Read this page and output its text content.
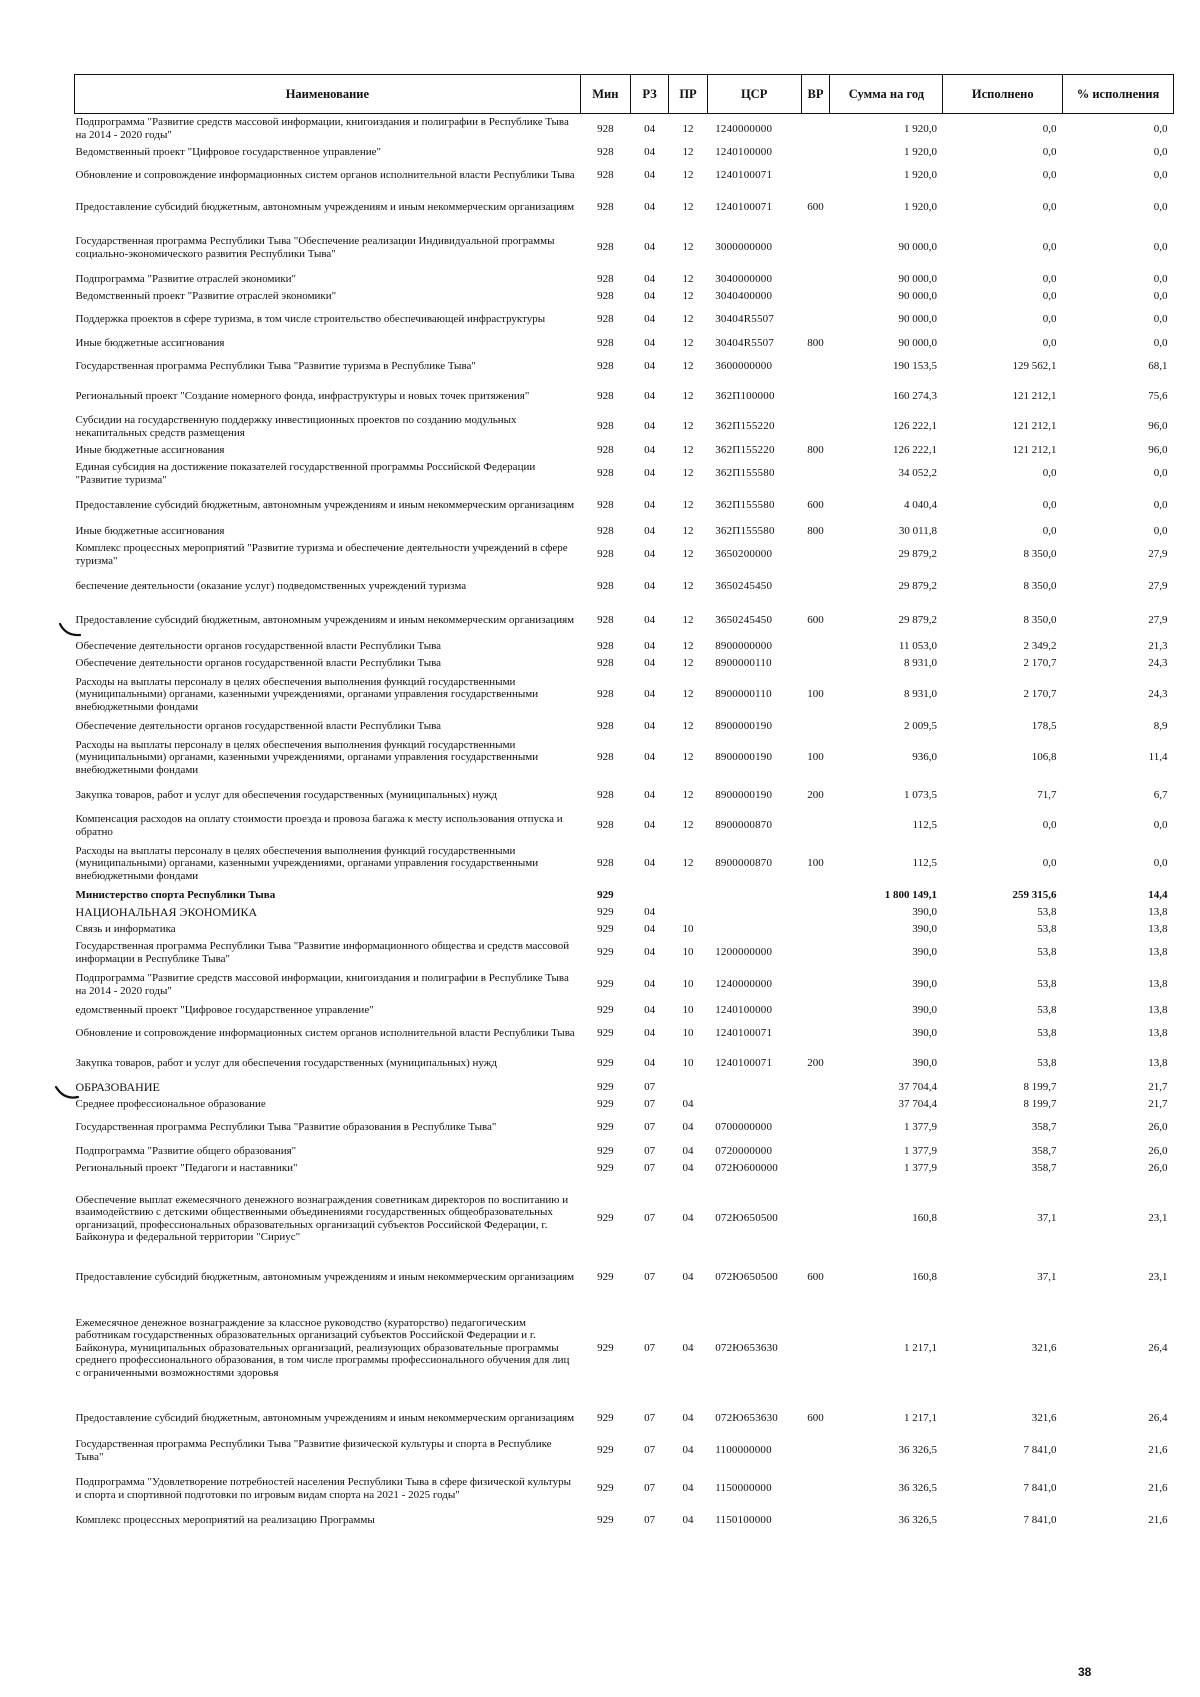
Наименование	Мин	РЗ	ПР	ЦСР	ВР	Сумма на год	Исполнено	% исполнения
Подпрограмма "Развитие средств массовой информации, книгоиздания и полиграфии в Республике Тыва на 2014 - 2020 годы"	928	04	12	1240000000		1 920,0	0,0	0,0
Ведомственный проект "Цифровое государственное управление"	928	04	12	1240100000		1 920,0	0,0	0,0
Обновление и сопровождение информационных систем органов исполнительной власти Республики Тыва	928	04	12	1240100071		1 920,0	0,0	0,0
Предоставление субсидий бюджетным, автономным учреждениям и иным некоммерческим организациям	928	04	12	1240100071	600	1 920,0	0,0	0,0
Государственная программа Республики Тыва "Обеспечение реализации Индивидуальной программы социально-экономического развития Республики Тыва"	928	04	12	3000000000		90 000,0	0,0	0,0
Подпрограмма "Развитие отраслей экономики"	928	04	12	3040000000		90 000,0	0,0	0,0
Ведомственный проект "Развитие отраслей экономики"	928	04	12	3040400000		90 000,0	0,0	0,0
Поддержка проектов в сфере туризма, в том числе строительство обеспечивающей инфраструктуры	928	04	12	30404R5507		90 000,0	0,0	0,0
Иные бюджетные ассигнования	928	04	12	30404R5507	800	90 000,0	0,0	0,0
Государственная программа Республики Тыва "Развитие туризма в Республике Тыва"	928	04	12	3600000000		190 153,5	129 562,1	68,1
Региональный проект "Создание номерного фонда, инфраструктуры и новых точек притяжения"	928	04	12	362П100000		160 274,3	121 212,1	75,6
Субсидии на государственную поддержку инвестиционных проектов по созданию модульных некапитальных средств размещения	928	04	12	362П155220		126 222,1	121 212,1	96,0
Иные бюджетные ассигнования	928	04	12	362П155220	800	126 222,1	121 212,1	96,0
Единая субсидия на достижение показателей государственной программы Российской Федерации "Развитие туризма"	928	04	12	362П155580		34 052,2	0,0	0,0
Предоставление субсидий бюджетным, автономным учреждениям и иным некоммерческим организациям	928	04	12	362П155580	600	4 040,4	0,0	0,0
Иные бюджетные ассигнования	928	04	12	362П155580	800	30 011,8	0,0	0,0
Комплекс процессных мероприятий "Развитие туризма и обеспечение деятельности учреждений в сфере туризма"	928	04	12	3650200000		29 879,2	8 350,0	27,9
беспечение деятельности (оказание услуг) подведомственных учреждений туризма	928	04	12	3650245450		29 879,2	8 350,0	27,9
Предоставление субсидий бюджетным, автономным учреждениям и иным некоммерческим организациям	928	04	12	3650245450	600	29 879,2	8 350,0	27,9
Обеспечение деятельности органов государственной власти Республики Тыва	928	04	12	8900000000		11 053,0	2 349,2	21,3
Обеспечение деятельности органов государственной власти Республики Тыва	928	04	12	8900000110		8 931,0	2 170,7	24,3
Расходы на выплаты персоналу в целях обеспечения выполнения функций государственными (муниципальными) органами, казенными учреждениями, органами управления государственными внебюджетными фондами	928	04	12	8900000110	100	8 931,0	2 170,7	24,3
Обеспечение деятельности органов государственной власти Республики Тыва	928	04	12	8900000190		2 009,5	178,5	8,9
Расходы на выплаты персоналу в целях обеспечения выполнения функций государственными (муниципальными) органами, казенными учреждениями, органами управления государственными внебюджетными фондами	928	04	12	8900000190	100	936,0	106,8	11,4
Закупка товаров, работ и услуг для обеспечения государственных (муниципальных) нужд	928	04	12	8900000190	200	1 073,5	71,7	6,7
Компенсация расходов на оплату стоимости проезда и провоза багажа к месту использования отпуска и обратно	928	04	12	8900000870		112,5	0,0	0,0
Расходы на выплаты персоналу в целях обеспечения выполнения функций государственными (муниципальными) органами, казенными учреждениями, органами управления государственными внебюджетными фондами	928	04	12	8900000870	100	112,5	0,0	0,0
Министерство спорта Республики Тыва	929					1 800 149,1	259 315,6	14,4
НАЦИОНАЛЬНАЯ ЭКОНОМИКА	929	04				390,0	53,8	13,8
Связь и информатика	929	04	10			390,0	53,8	13,8
Государственная программа Республики Тыва "Развитие информационного общества и средств массовой информации в Республике Тыва"	929	04	10	1200000000		390,0	53,8	13,8
Подпрограмма "Развитие средств массовой информации, книгоиздания и полиграфии в Республике Тыва на 2014 - 2020 годы"	929	04	10	1240000000		390,0	53,8	13,8
едомственный проект "Цифровое государственное управление"	929	04	10	1240100000		390,0	53,8	13,8
Обновление и сопровождение информационных систем органов исполнительной власти Республики Тыва	929	04	10	1240100071		390,0	53,8	13,8
Закупка товаров, работ и услуг для обеспечения государственных (муниципальных) нужд	929	04	10	1240100071	200	390,0	53,8	13,8
ОБРАЗОВАНИЕ	929	07				37 704,4	8 199,7	21,7
Среднее профессиональное образование	929	07	04			37 704,4	8 199,7	21,7
Государственная программа Республики Тыва "Развитие образования в Республике Тыва"	929	07	04	0700000000		1 377,9	358,7	26,0
Подпрограмма "Развитие общего образования"	929	07	04	0720000000		1 377,9	358,7	26,0
Региональный проект "Педагоги и наставники"	929	07	04	072Ю600000		1 377,9	358,7	26,0
Обеспечение выплат ежемесячного денежного вознаграждения советникам директоров по воспитанию и взаимодействию с детскими общественными объединениями государственных общеобразовательных организаций, профессиональных образовательных организаций субъектов Российской Федерации, г. Байконура и федеральной территории "Сириус"	929	07	04	072Ю650500		160,8	37,1	23,1
Предоставление субсидий бюджетным, автономным учреждениям и иным некоммерческим организациям	929	07	04	072Ю650500	600	160,8	37,1	23,1
Ежемесячное денежное вознаграждение за классное руководство (кураторство) педагогическим работникам государственных образовательных организаций субъектов Российской Федерации и г. Байконура, муниципальных образовательных организаций, реализующих образовательные программы среднего профессионального образования, в том числе программы профессионального обучения для лиц с ограниченными возможностями здоровья	929	07	04	072Ю653630		1 217,1	321,6	26,4
Предоставление субсидий бюджетным, автономным учреждениям и иным некоммерческим организациям	929	07	04	072Ю653630	600	1 217,1	321,6	26,4
Государственная программа Республики Тыва "Развитие физической культуры и спорта в Республике Тыва"	929	07	04	1100000000		36 326,5	7 841,0	21,6
Подпрограмма "Удовлетворение потребностей населения Республики Тыва в сфере физической культуры и спорта и спортивной подготовки по игровым видам спорта на 2021 - 2025 годы"	929	07	04	1150000000		36 326,5	7 841,0	21,6
Комплекс процессных мероприятий на реализацию Программы	929	07	04	1150100000		36 326,5	7 841,0	21,6
38
